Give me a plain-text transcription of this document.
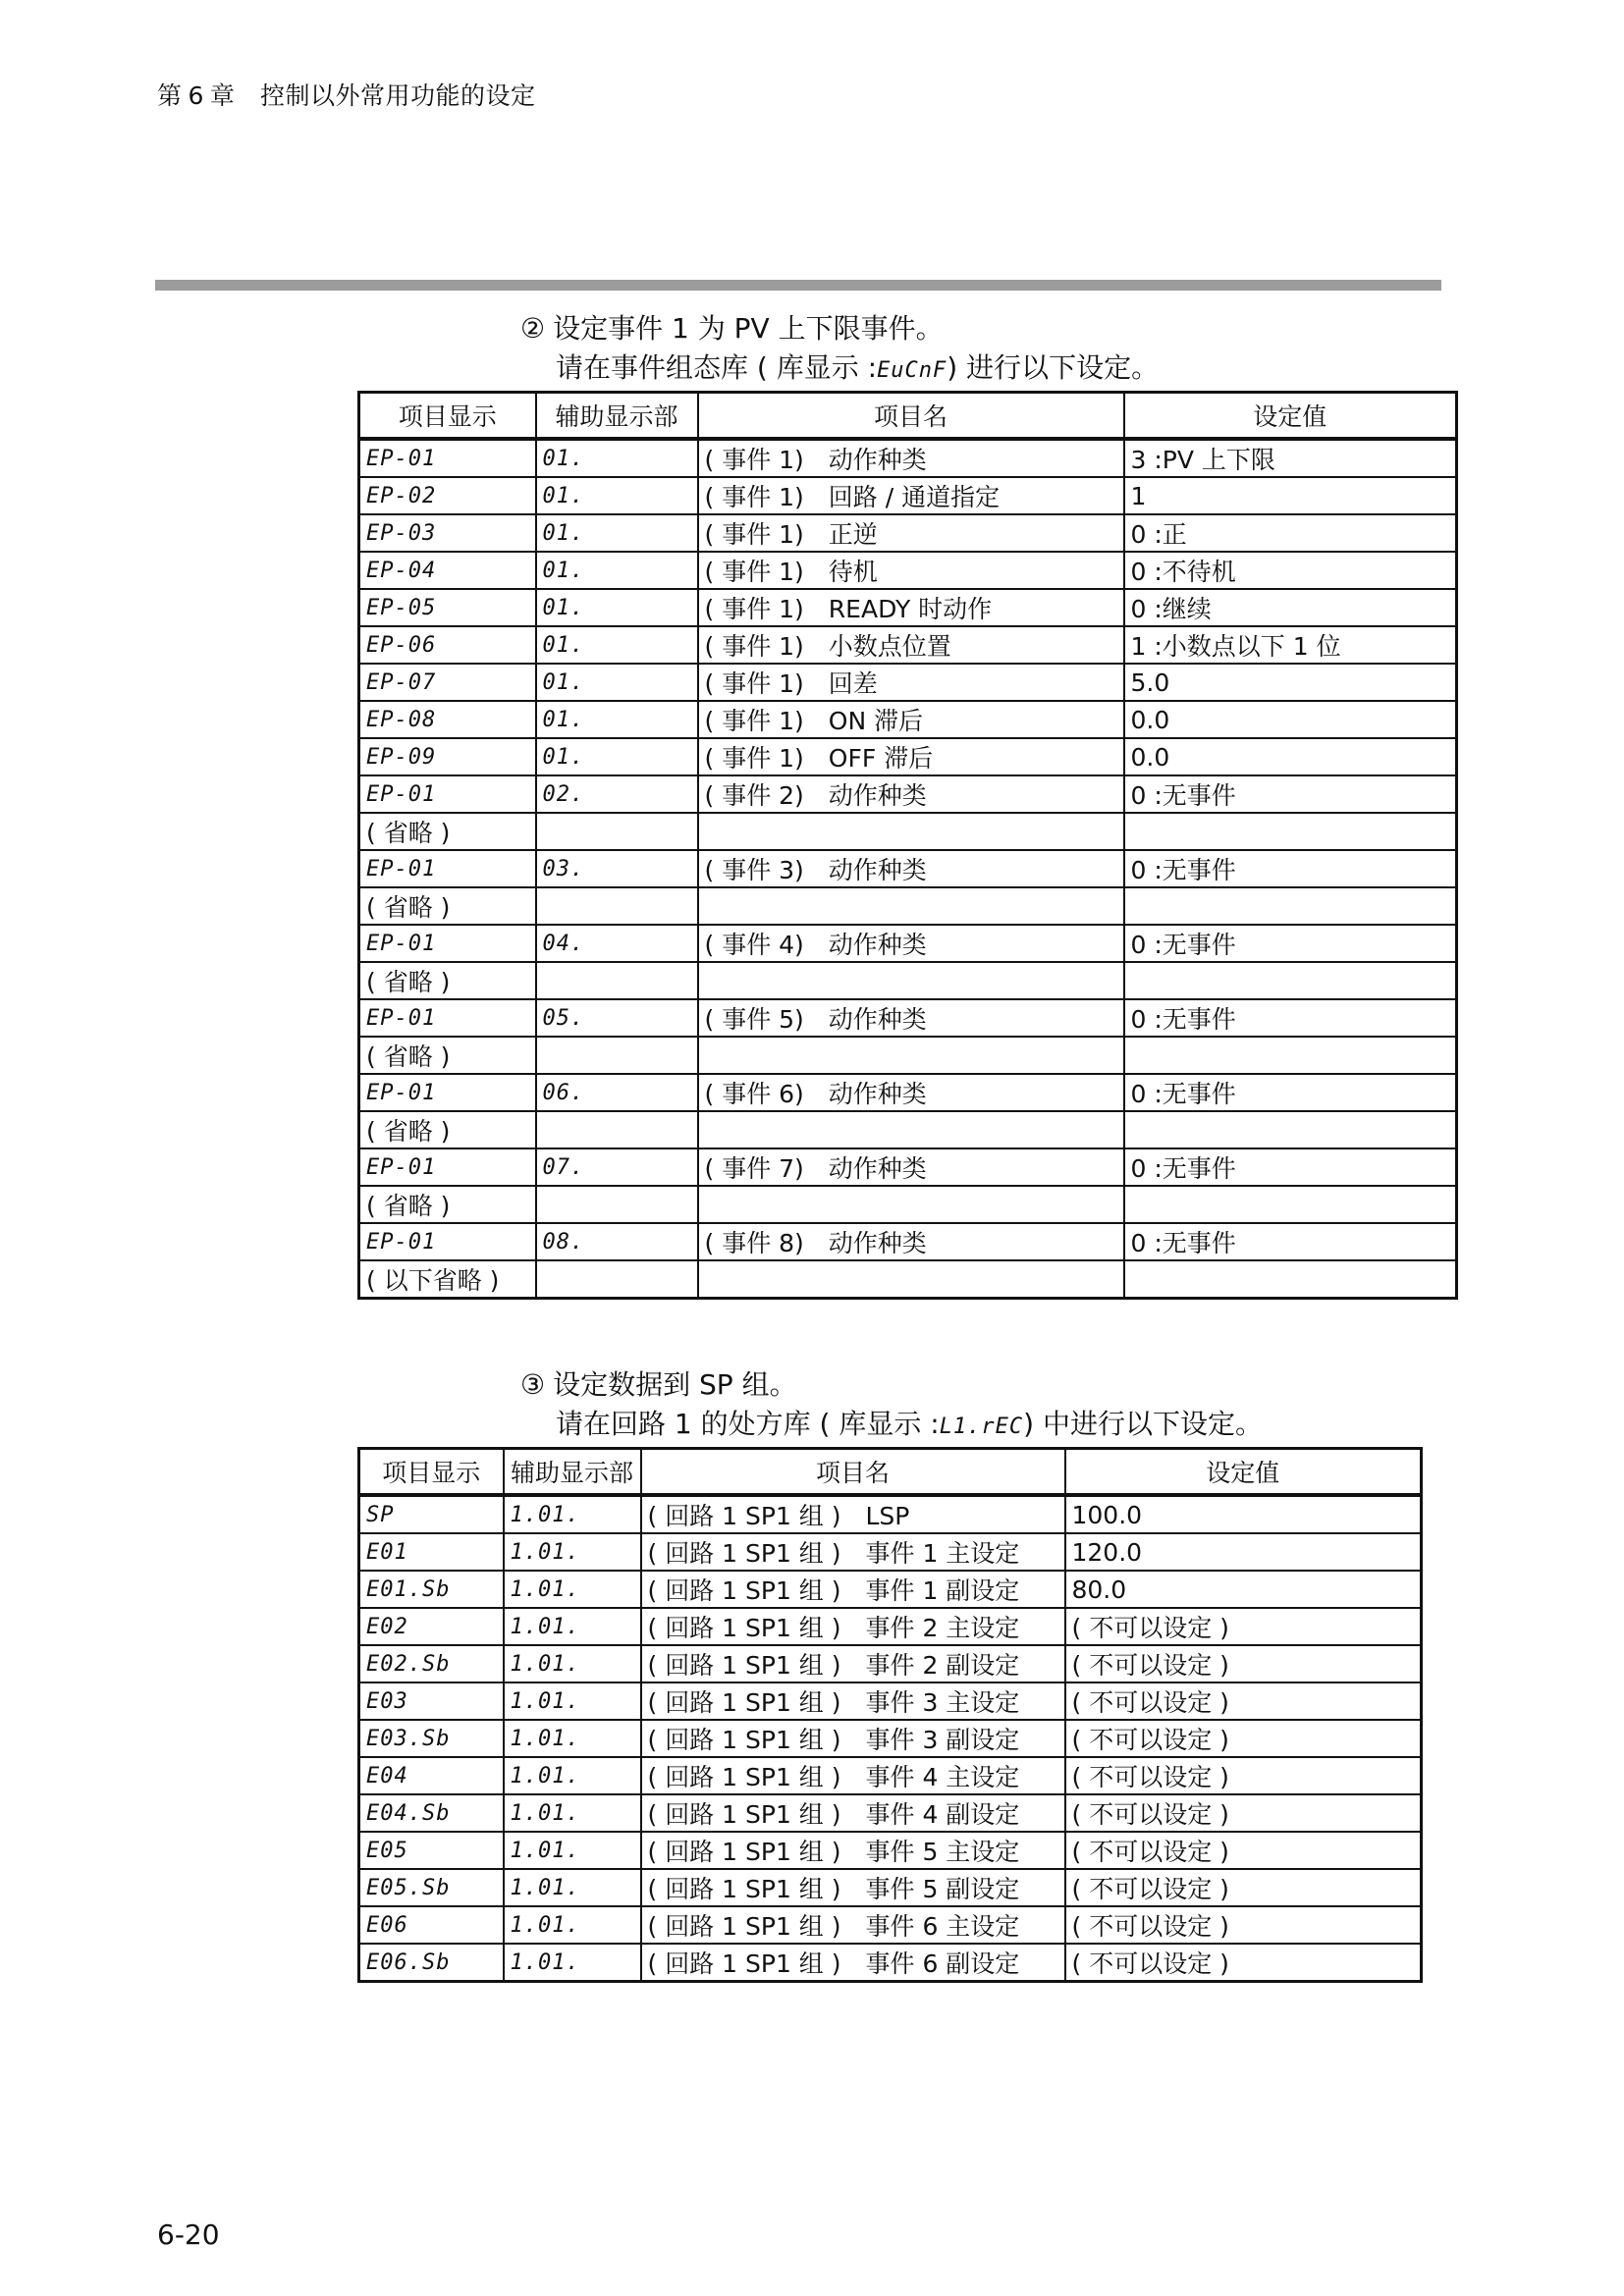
第 6 章　 控制以外常用功能的设定
② 设定事件 1 为 PV 上下限事件。
请在事件组态库 ( 库显示 :EuCnF) 进行以下设定。
项目显示	辅助显示部	项目名	设定值
EP-01	01.	( 事件 1)　动作种类	3 :PV 上下限
EP-02	01.	( 事件 1)　回路 / 通道指定	1
EP-03	01.	( 事件 1)　正逆	0 :正
EP-04	01.	( 事件 1)　待机	0 :不待机
EP-05	01.	( 事件 1)　READY 时动作	0 :继续
EP-06	01.	( 事件 1)　小数点位置	1 :小数点以下 1 位
EP-07	01.	( 事件 1)　回差	5.0
EP-08	01.	( 事件 1)　ON 滞后	0.0
EP-09	01.	( 事件 1)　OFF 滞后	0.0
EP-01	02.	( 事件 2)　动作种类	0 :无事件
( 省略 )			
EP-01	03.	( 事件 3)　动作种类	0 :无事件
( 省略 )			
EP-01	04.	( 事件 4)　动作种类	0 :无事件
( 省略 )			
EP-01	05.	( 事件 5)　动作种类	0 :无事件
( 省略 )			
EP-01	06.	( 事件 6)　动作种类	0 :无事件
( 省略 )			
EP-01	07.	( 事件 7)　动作种类	0 :无事件
( 省略 )			
EP-01	08.	( 事件 8)　动作种类	0 :无事件
( 以下省略 )			
③ 设定数据到 SP 组。
请在回路 1 的处方库 ( 库显示 :L1.rEC) 中进行以下设定。
项目显示	辅助显示部	项目名	设定值
SP	1.01.	( 回路 1 SP1 组 )　LSP	100.0
E01	1.01.	( 回路 1 SP1 组 )　事件 1 主设定	120.0
E01.Sb	1.01.	( 回路 1 SP1 组 )　事件 1 副设定	80.0
E02	1.01.	( 回路 1 SP1 组 )　事件 2 主设定	( 不可以设定 )
E02.Sb	1.01.	( 回路 1 SP1 组 )　事件 2 副设定	( 不可以设定 )
E03	1.01.	( 回路 1 SP1 组 )　事件 3 主设定	( 不可以设定 )
E03.Sb	1.01.	( 回路 1 SP1 组 )　事件 3 副设定	( 不可以设定 )
E04	1.01.	( 回路 1 SP1 组 )　事件 4 主设定	( 不可以设定 )
E04.Sb	1.01.	( 回路 1 SP1 组 )　事件 4 副设定	( 不可以设定 )
E05	1.01.	( 回路 1 SP1 组 )　事件 5 主设定	( 不可以设定 )
E05.Sb	1.01.	( 回路 1 SP1 组 )　事件 5 副设定	( 不可以设定 )
E06	1.01.	( 回路 1 SP1 组 )　事件 6 主设定	( 不可以设定 )
E06.Sb	1.01.	( 回路 1 SP1 组 )　事件 6 副设定	( 不可以设定 )
6-20
